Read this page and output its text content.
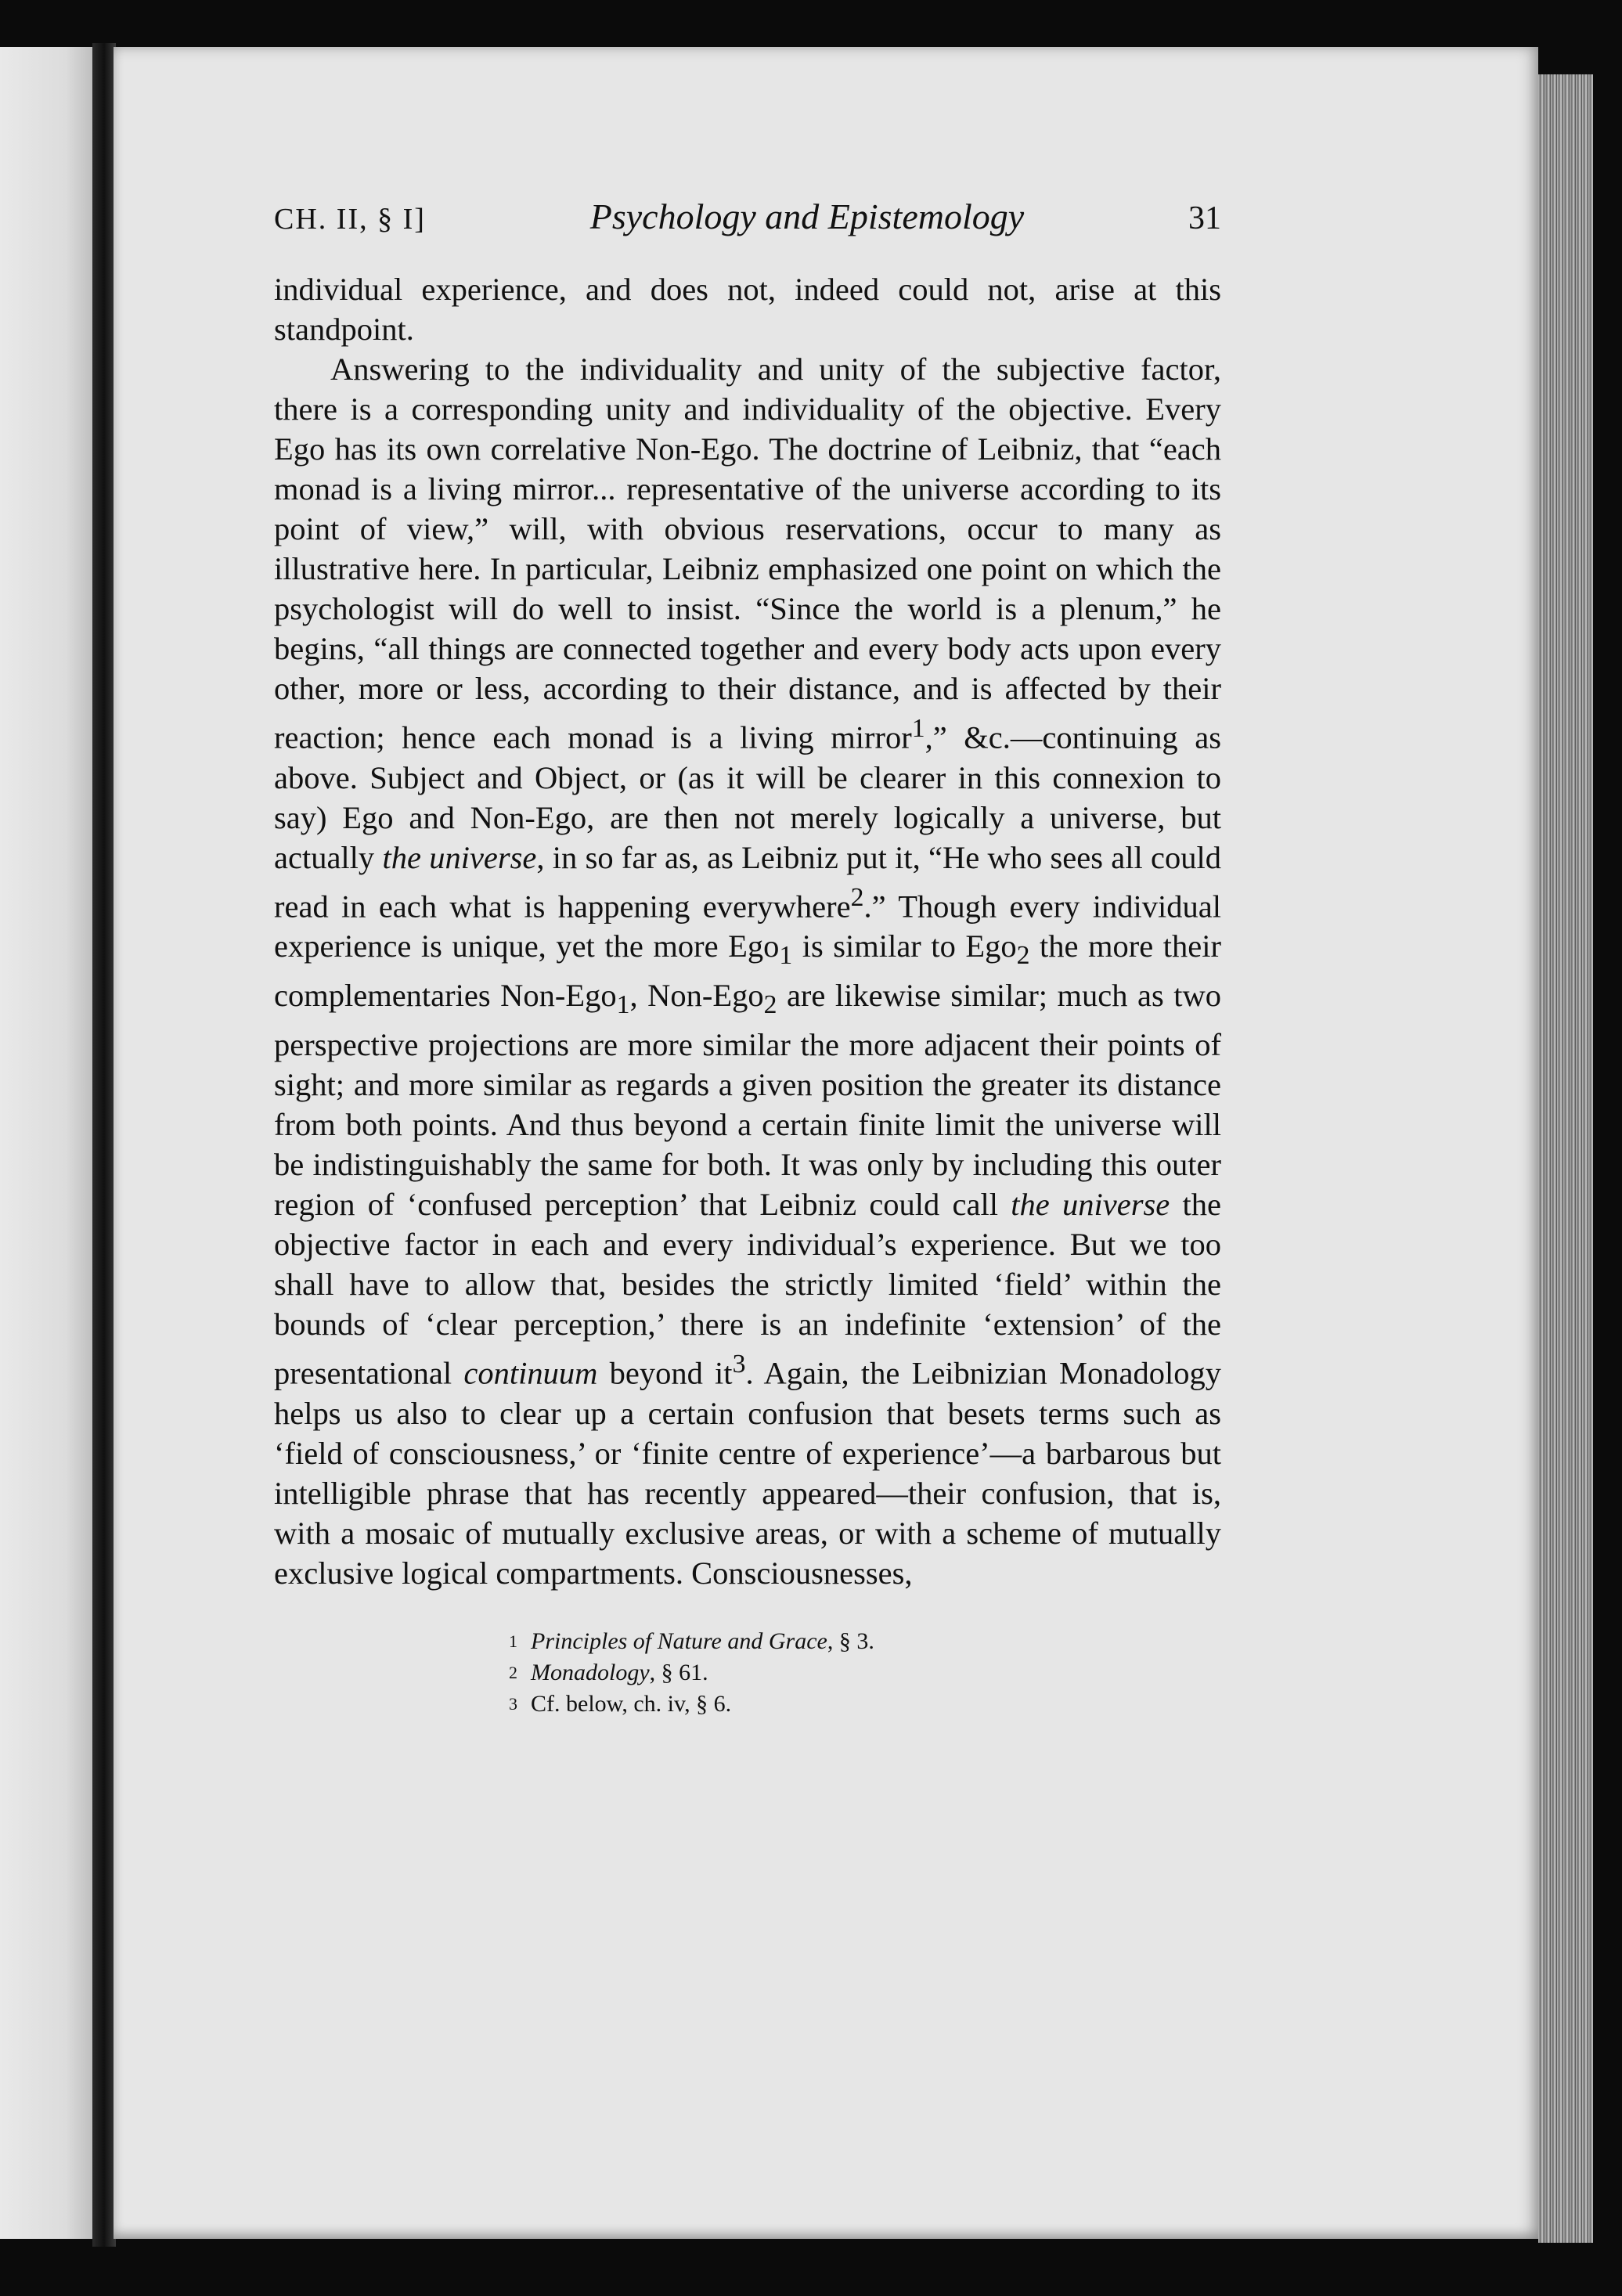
CH. II, § I]	Psychology and Epistemology	31

individual experience, and does not, indeed could not, arise at this standpoint.

Answering to the individuality and unity of the subjective factor, there is a corresponding unity and individuality of the objective. Every Ego has its own correlative Non-Ego. The doctrine of Leibniz, that “each monad is a living mirror... representative of the universe according to its point of view,” will, with obvious reservations, occur to many as illustrative here. In particular, Leibniz emphasized one point on which the psychologist will do well to insist. “Since the world is a plenum,” he begins, “all things are connected together and every body acts upon every other, more or less, according to their distance, and is affected by their reaction; hence each monad is a living mirror$^1$,” &c.—continuing as above. Subject and Object, or (as it will be clearer in this connexion to say) Ego and Non-Ego, are then not merely logically a universe, but actually the universe, in so far as, as Leibniz put it, “He who sees all could read in each what is happening everywhere$^2$.” Though every individual experience is unique, yet the more Ego$_1$ is similar to Ego$_2$ the more their complementaries Non-Ego$_1$, Non-Ego$_2$ are likewise similar; much as two perspective projections are more similar the more adjacent their points of sight; and more similar as regards a given position the greater its distance from both points. And thus beyond a certain finite limit the universe will be indistinguishably the same for both. It was only by including this outer region of ‘confused perception’ that Leibniz could call the universe the objective factor in each and every individual’s experience. But we too shall have to allow that, besides the strictly limited ‘field’ within the bounds of ‘clear perception,’ there is an indefinite ‘extension’ of the presentational continuum beyond $it^3$. Again, the Leibnizian Monadology helps us also to clear up a certain confusion that besets terms such as ‘field of consciousness,’ or ‘finite centre of experience’—a barbarous but intelligible phrase that has recently appeared—their confusion, that is, with a mosaic of mutually exclusive areas, or with a scheme of mutually exclusive logical compartments. Consciousnesses,

1 Principles of Nature and Grace, § 3.
2 Monadology, § 61.
3 Cf. below, ch. iv, § 6.
